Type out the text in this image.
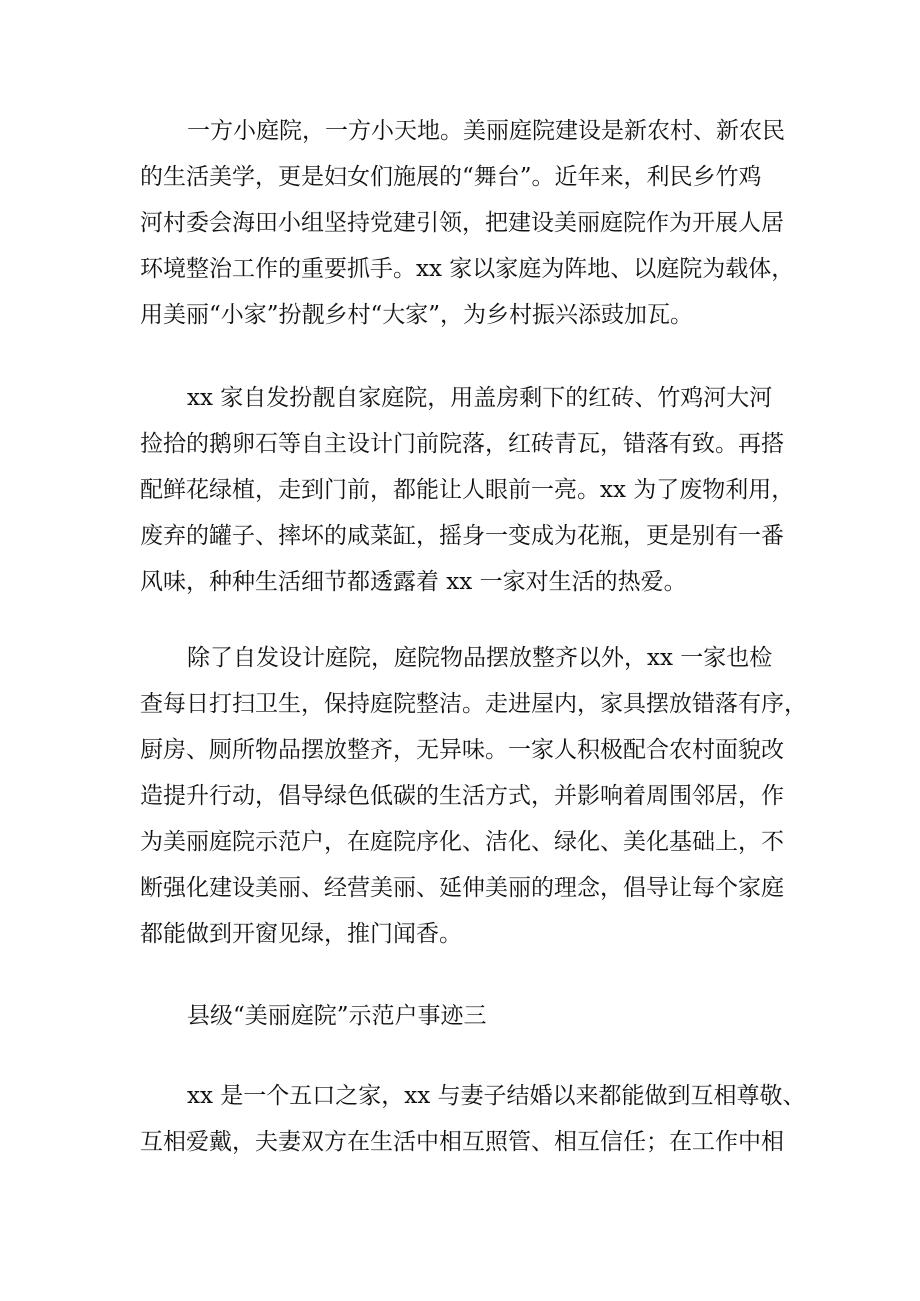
一方小庭院，一方小天地。美丽庭院建设是新农村、新农民

的生活美学，更是妇女们施展的“舞台”。近年来，利民乡竹鸡

河村委会海田小组坚持党建引领，把建设美丽庭院作为开展人居

环境整治工作的重要抓手。xx 家以家庭为阵地、以庭院为载体，

用美丽“小家”扮靓乡村“大家”，为乡村振兴添豉加瓦。

xx 家自发扮靓自家庭院，用盖房剩下的红砖、竹鸡河大河

捡拾的鹅卵石等自主设计门前院落，红砖青瓦，错落有致。再搭

配鲜花绿植，走到门前，都能让人眼前一亮。xx 为了废物利用，

废弃的罐子、摔坏的咸菜缸，摇身一变成为花瓶，更是别有一番

风味，种种生活细节都透露着 xx 一家对生活的热爱。

除了自发设计庭院，庭院物品摆放整齐以外，xx 一家也检

查每日打扫卫生，保持庭院整洁。走进屋内，家具摆放错落有序，

厨房、厕所物品摆放整齐，无异味。一家人积极配合农村面貌改

造提升行动，倡导绿色低碳的生活方式，并影响着周围邻居，作

为美丽庭院示范户，在庭院序化、洁化、绿化、美化基础上，不

断强化建设美丽、经营美丽、延伸美丽的理念，倡导让每个家庭

都能做到开窗见绿，推门闻香。

县级“美丽庭院”示范户事迹三

xx 是一个五口之家，xx 与妻子结婚以来都能做到互相尊敬、

互相爱戴，夫妻双方在生活中相互照管、相互信任；在工作中相
